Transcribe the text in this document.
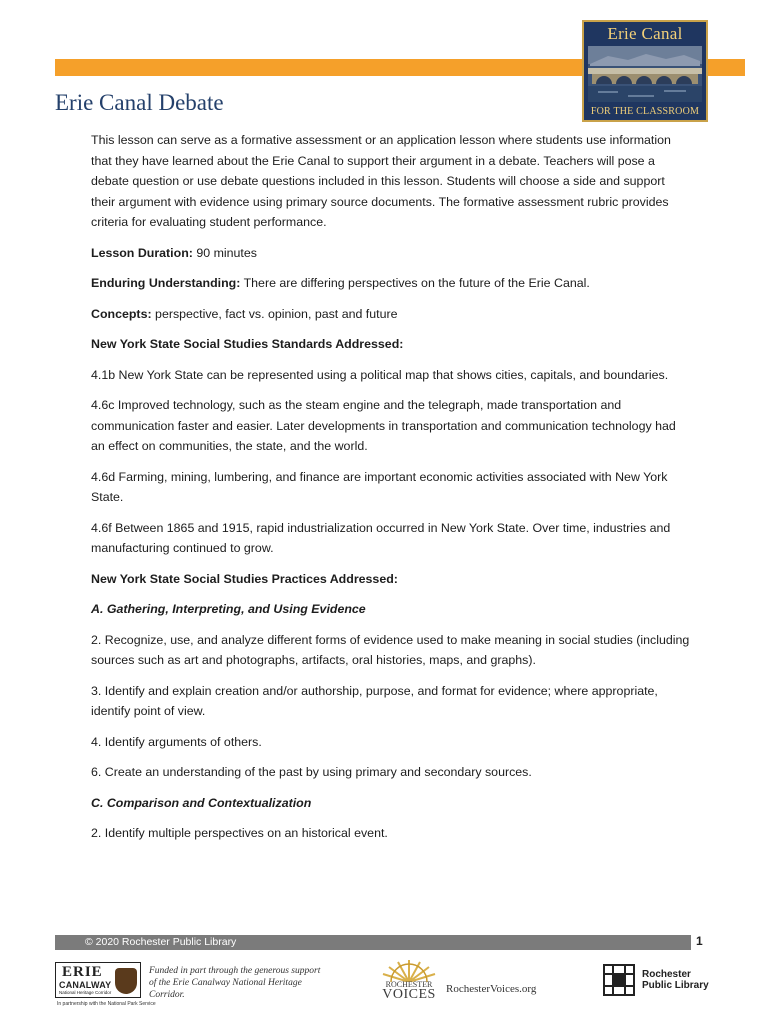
Erie Canal
FOR THE CLASSROOM
Erie Canal Debate

This lesson can serve as a formative assessment or an application lesson where students use information that they have learned about the Erie Canal to support their argument in a debate. Teachers will pose a debate question or use debate questions included in this lesson. Students will choose a side and support their argument with evidence using primary source documents. The formative assessment rubric provides criteria for evaluating student performance.

Lesson Duration: 90 minutes

Enduring Understanding: There are differing perspectives on the future of the Erie Canal.

Concepts: perspective, fact vs. opinion, past and future

New York State Social Studies Standards Addressed:

4.1b New York State can be represented using a political map that shows cities, capitals, and boundaries.

4.6c Improved technology, such as the steam engine and the telegraph, made transportation and communication faster and easier. Later developments in transportation and communication technology had an effect on communities, the state, and the world.

4.6d Farming, mining, lumbering, and finance are important economic activities associated with New York State.

4.6f Between 1865 and 1915, rapid industrialization occurred in New York State. Over time, industries and manufacturing continued to grow.

New York State Social Studies Practices Addressed:

A. Gathering, Interpreting, and Using Evidence

2. Recognize, use, and analyze different forms of evidence used to make meaning in social studies (including sources such as art and photographs, artifacts, oral histories, maps, and graphs).

3. Identify and explain creation and/or authorship, purpose, and format for evidence; where appropriate, identify point of view.

4. Identify arguments of others.

6. Create an understanding of the past by using primary and secondary sources.

C. Comparison and Contextualization

2. Identify multiple perspectives on an historical event.

© 2020 Rochester Public Library	1
ERIE
CANALWAY
National Heritage Corridor
In partnership with the National Park Service
Funded in part through the generous support of the Erie Canalway National Heritage Corridor.
ROCHESTER
VOICES RochesterVoices.org
Rochester
Public Library
